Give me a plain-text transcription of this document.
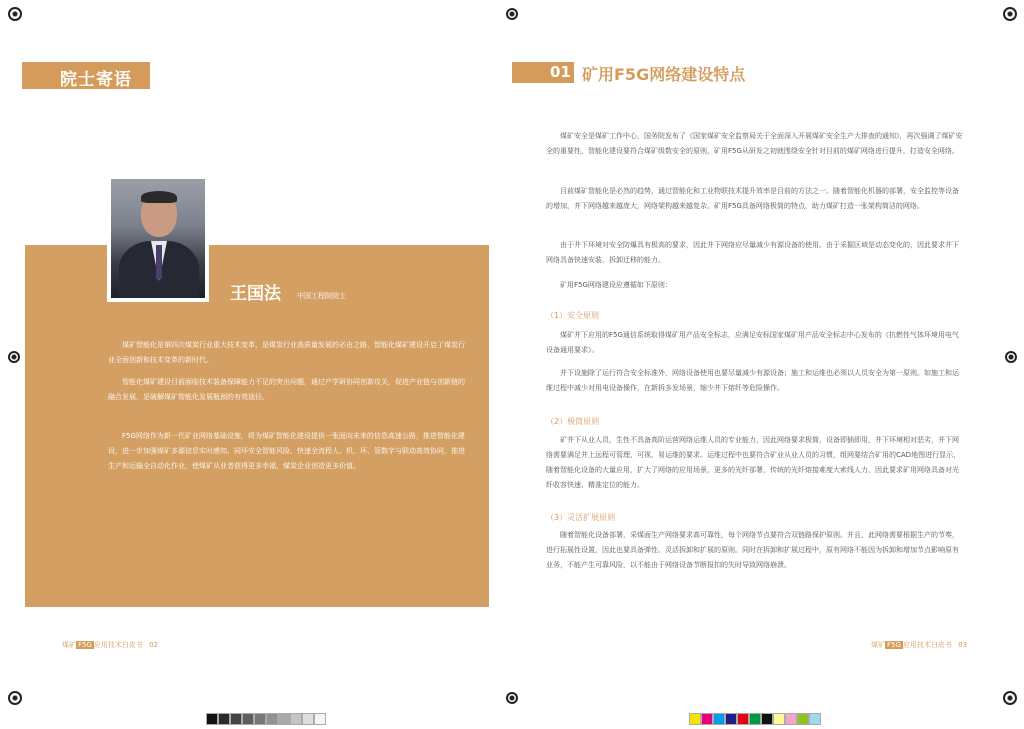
院士寄语
王国法 中国工程院院士

煤矿智能化是第四次煤炭行业重大技术变革，是煤炭行业高质量发展的必由之路，智能化煤矿建设开启了煤炭行业全面创新和技术变革的新时代。

智能化煤矿建设目前面临技术装备保障能力不足的突出问题，通过产学研协同创新攻关，促进产业链与创新链的融合发展，是破解煤矿智能化发展瓶颈的有效途径。

F5G网络作为新一代矿业网络基础设施，将为煤矿智能化建设提供一张面向未来的信息高速公路，推进智能化建设，进一步加强煤矿多源信息实时感知、同环安全智能风险、快速全流程人、机、环、管数字与联动高效协同，推进生产和运输全自动化作业，使煤矿从业者获得更多幸福，煤炭企业创造更多价值。

煤矿 F5G 应用技术白皮书 02
01 矿用F5G网络建设特点

煤矿安全是煤矿工作中心，国务院发布了《国家煤矿安全监察局关于全面深入开展煤矿安全生产大排查的通知》，再次强调了煤矿安全的重要性，智能化建设要符合煤矿级数安全的原则，矿用F5G从研发之初就围绕安全针对目前的煤矿网络进行提升，打造安全网络。

目前煤矿智能化是必然的趋势，通过智能化和工业物联技术提升效率是目前的方法之一。随着智能化机器的部署，安全监控等设备的增加，井下网络越来越庞大，网络架构越来越复杂。矿用F5G具备网络极简的特点，助力煤矿打造一张架构简洁的网络。

由于井下环境对安全防爆具有极高的要求，因此井下网络应尽量减少有源设备的使用。由于采掘区域是动态变化的，因此要求井下网络具备快速安装、拆卸迁移的能力。

矿用F5G网络建设应遵循如下原则：

（1）安全原则

煤矿井下应用的F5G通信系统取得煤矿用产品安全标志，应满足安标国家煤矿用产品安全标志中心发布的《抗燃性气体环境用电气设备通用要求》。

并下设施除了运行符合安全标准外，网络设备使用也要尽量减少有源设备；施工和运维也必须以人员安全为第一原则。如施工和运维过程中减少对用电设备操作，在新拆多发场景，缩少井下熔纤等危险操作。

（2）极简原则

矿井下从业人员，生性不具备高阶运营网络运维人员的专业能力，因此网络要求极简，设备即插即用，井下环境相对恶劣，井下网络需要满足井上远程可管理、可视、易运维的要求。运维过程中也要符合矿业从业人员的习惯，组网要结合矿用的CAD地图进行显示，随着智能化设备的大量应用，扩大了网络的应用场景，更多的光纤部署，传统的光纤熔接难度大索线人力，因此要求矿用网络具备对光纤收容快速、精准定位的能力。

（3）灵活扩展原则

随着智能化设备部署，采煤面生产网络要求高可靠性，每个网络节点要符合双链路保护原则。并且，此网络需要根据生产的节奏，进行拓展性设置，因此也要具备弹性、灵活拆卸和扩展的原则。同时在拆卸和扩展过程中，原有网络不能因为拆卸和增加节点影响原有业务，不能产生可靠风险，以不能由于网络设备节断报扣的失时导致网络崩溃。

煤矿 F5G 应用技术白皮书 03
